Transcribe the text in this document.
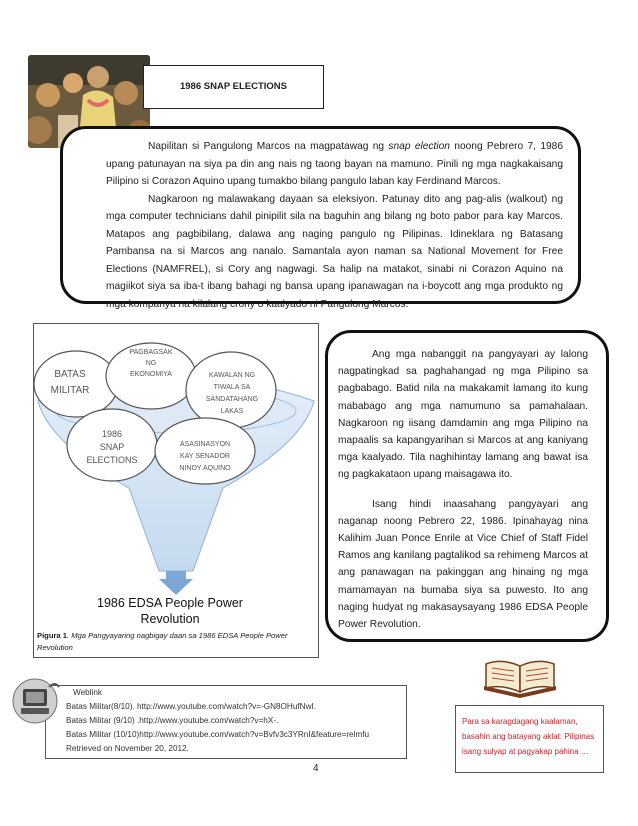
1986 SNAP ELECTIONS

Napilitan si Pangulong Marcos na magpatawag ng snap election noong Pebrero 7, 1986 upang patunayan na siya pa din ang nais ng taong bayan na mamuno. Pinili ng mga nagkakaisang Pilipino si Corazon Aquino upang tumakbo bilang pangulo laban kay Ferdinand Marcos.

Nagkaroon ng malawakang dayaan sa eleksiyon. Patunay dito ang pag-alis (walkout) ng mga computer technicians dahil pinipilit sila na baguhin ang bilang ng boto pabor para kay Marcos. Matapos ang pagbibilang, dalawa ang naging pangulo ng Pilipinas. Idineklara ng Batasang Pambansa na si Marcos ang nanalo. Samantala ayon naman sa National Movement for Free Elections (NAMFREL), si Cory ang nagwagi. Sa halip na matakot, sinabi ni Corazon Aquino na magiikot siya sa iba-t ibang bahagi ng bansa upang ipanawagan na i-boycott ang mga produkto ng mga kompanya na kilalang crony o kaalyado ni Pangulong Marcos.

BATAS MILITAR
PAGBAGSAK
NG
EKONOMIYA	KAWALAN NG
TIWALA SA
SANDATAHANG
LAKAS
1986
SNAP
ELECTIONS
ASASINASYON
KAY SENADOR
NINOY AQUINO
1986 EDSA People Power
Revolution
Pigura 1. Mga Pangyayaring nagbigay daan sa 1986 EDSA People Power Revolution

Ang mga nabanggit na pangyayari ay lalong nagpatingkad sa paghahangad ng mga Pilipino sa pagbabago. Batid nila na makakamit lamang ito kung mababago ang mga namumuno sa pamahalaan. Nagkaroon ng iisang damdamin ang mga Pilipino na mapaalis sa kapangyarihan si Marcos at ang kaniyang mga kaalyado. Tila naghihintay lamang ang bawat isa ng pagkakataon upang maisagawa ito.

Isang hindi inaasahang pangyayari ang naganap noong Pebrero 22, 1986. Ipinahayag nina Kalihim Juan Ponce Enrile at Vice Chief of Staff Fidel Ramos ang kanilang pagtalikod sa rehimeng Marcos at ang panawagan na pakinggan ang hinaing ng mga mamamayan na bumaba siya sa puwesto. Ito ang naging hudyat ng makasaysayang 1986 EDSA People Power Revolution.

Weblink
Batas Militar(8/10). http://www.youtube.com/watch?v=-GN8OHufNwI.
Batas Militar (9/10) .http://www.youtube.com/watch?v=hX-.
Batas Militar (10/10)http://www.youtube.com/watch?v=Bvfv3c3YRnI&feature=relmfu
Retrieved on November 20, 2012.
Para sa karagdagang kaalaman, basahin ang batayang aklat: Pilipinas isang sulyap at pagyakap pahina …
4
